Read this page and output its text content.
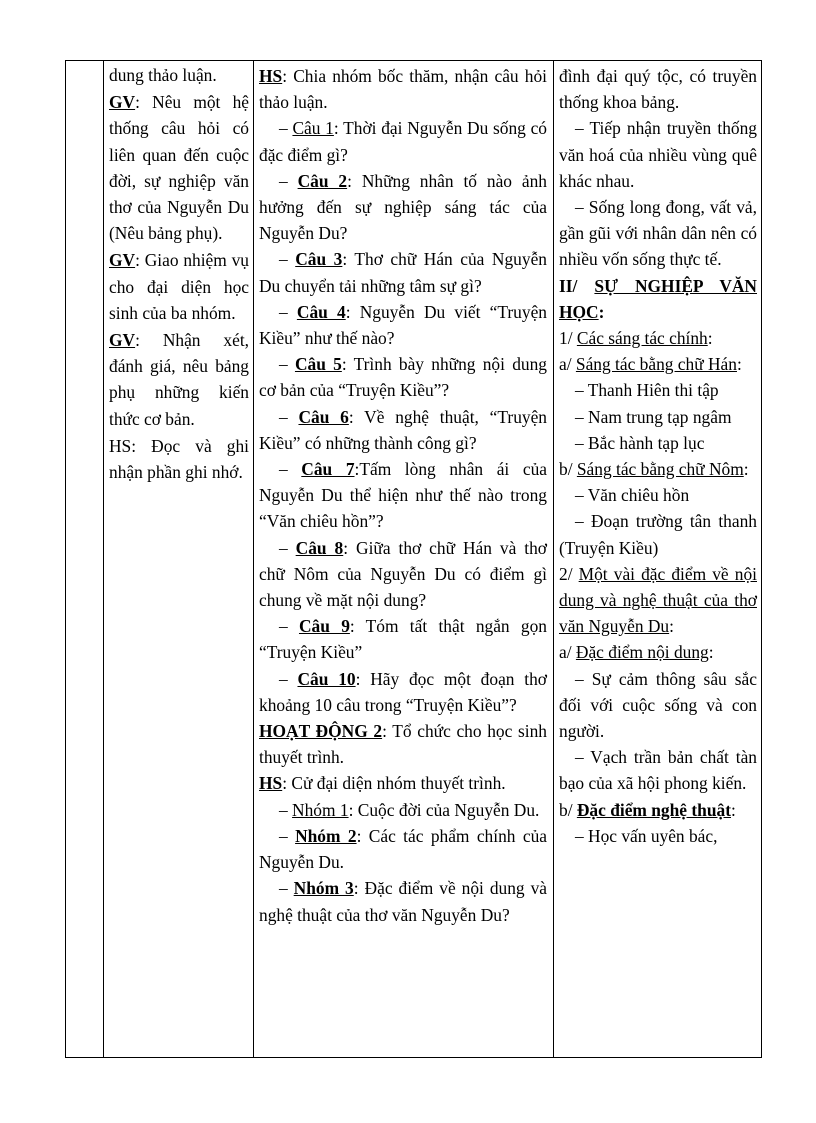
dung thảo luận.

GV: Nêu một hệ thống câu hỏi có liên quan đến cuộc đời, sự nghiệp văn thơ của Nguyễn Du (Nêu bảng phụ).

GV: Giao nhiệm vụ cho đại diện học sinh của ba nhóm.

GV: Nhận xét, đánh giá, nêu bảng phụ những kiến thức cơ bản.

HS: Đọc và ghi nhận phần ghi nhớ.

HS: Chia nhóm bốc thăm, nhận câu hỏi thảo luận.

– Câu 1: Thời đại Nguyễn Du sống có đặc điểm gì?

– Câu 2: Những nhân tố nào ảnh hưởng đến sự nghiệp sáng tác của Nguyễn Du?

– Câu 3: Thơ chữ Hán của Nguyễn Du chuyển tải những tâm sự gì?

– Câu 4: Nguyễn Du viết “Truyện Kiều” như thế nào?

– Câu 5: Trình bày những nội dung cơ bản của “Truyện Kiều”?

– Câu 6: Về nghệ thuật, “Truyện Kiều” có những thành công gì?

– Câu 7:Tấm lòng nhân ái của Nguyễn Du thể hiện như thế nào trong “Văn chiêu hồn”?

– Câu 8: Giữa thơ chữ Hán và thơ chữ Nôm của Nguyễn Du có điểm gì chung về mặt nội dung?

– Câu 9: Tóm tất thật ngắn gọn “Truyện Kiều”

– Câu 10: Hãy đọc một đoạn thơ khoảng 10 câu trong “Truyện Kiều”?

HOẠT ĐỘNG 2: Tổ chức cho học sinh thuyết trình.

HS: Cử đại diện nhóm thuyết trình.

– Nhóm 1: Cuộc đời của Nguyễn Du.

– Nhóm 2: Các tác phẩm chính của Nguyễn Du.

– Nhóm 3: Đặc điểm về nội dung và nghệ thuật của thơ văn Nguyễn Du?

đình đại quý tộc, có truyền thống khoa bảng.

– Tiếp nhận truyền thống văn hoá của nhiều vùng quê khác nhau.

– Sống long đong, vất vả, gần gũi với nhân dân nên có nhiều vốn sống thực tế.

II/ SỰ NGHIỆP VĂN HỌC:

1/ Các sáng tác chính:

a/ Sáng tác bằng chữ Hán:

– Thanh Hiên thi tập

– Nam trung tạp ngâm

– Bắc hành tạp lục

b/ Sáng tác bằng chữ Nôm:

– Văn chiêu hồn

– Đoạn trường tân thanh (Truyện Kiều)

2/ Một vài đặc điểm về nội dung và nghệ thuật của thơ văn Nguyễn Du:

a/ Đặc điểm nội dung:

– Sự cảm thông sâu sắc đối với cuộc sống và con người.

– Vạch trần bản chất tàn bạo của xã hội phong kiến.

b/ Đặc điểm nghệ thuật:

– Học vấn uyên bác,
